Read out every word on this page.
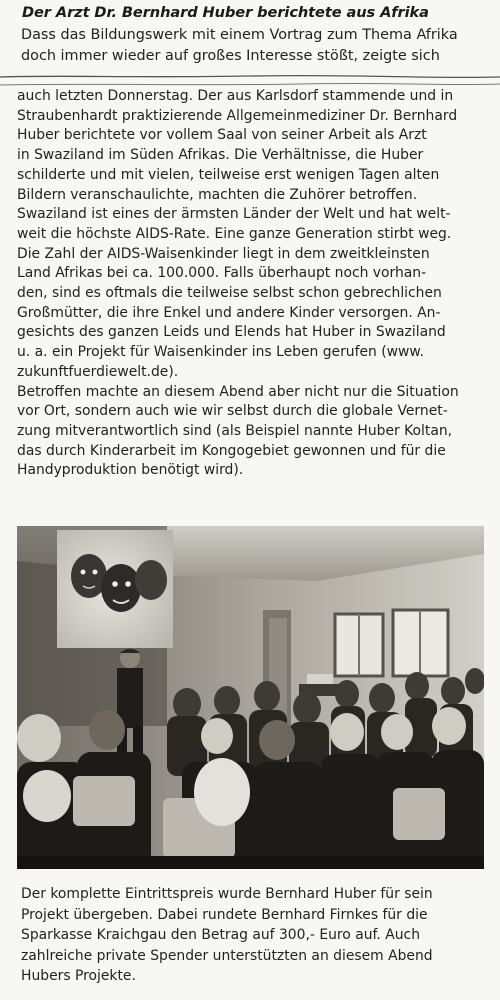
Der Arzt Dr. Bernhard Huber berichtete aus Afrika
Dass das Bildungswerk mit einem Vortrag zum Thema Afrika
doch immer wieder auf großes Interesse stößt, zeigte sich
auch letzten Donnerstag. Der aus Karlsdorf stammende und in
Straubenhardt praktizierende Allgemeinmediziner Dr. Bernhard
Huber berichtete vor vollem Saal von seiner Arbeit als Arzt
in Swaziland im Süden Afrikas. Die Verhältnisse, die Huber
schilderte und mit vielen, teilweise erst wenigen Tagen alten
Bildern veranschaulichte, machten die Zuhörer betroffen.
Swaziland ist eines der ärmsten Länder der Welt und hat welt-
weit die höchste AIDS-Rate. Eine ganze Generation stirbt weg.
Die Zahl der AIDS-Waisenkinder liegt in dem zweitkleinsten
Land Afrikas bei ca. 100.000. Falls überhaupt noch vorhan-
den, sind es oftmals die teilweise selbst schon gebrechlichen
Großmütter, die ihre Enkel und andere Kinder versorgen. An-
gesichts des ganzen Leids und Elends hat Huber in Swaziland
u. a. ein Projekt für Waisenkinder ins Leben gerufen (www.
zukunftfuerdiewelt.de).
Betroffen machte an diesem Abend aber nicht nur die Situation
vor Ort, sondern auch wie wir selbst durch die globale Vernet-
zung mitverantwortlich sind (als Beispiel nannte Huber Koltan,
das durch Kinderarbeit im Kongogebiet gewonnen und für die
Handyproduktion benötigt wird).
Der komplette Eintrittspreis wurde Bernhard Huber für sein
Projekt übergeben. Dabei rundete Bernhard Firnkes für die
Sparkasse Kraichgau den Betrag auf 300,- Euro auf. Auch
zahlreiche private Spender unterstützten an diesem Abend
Hubers Projekte.
